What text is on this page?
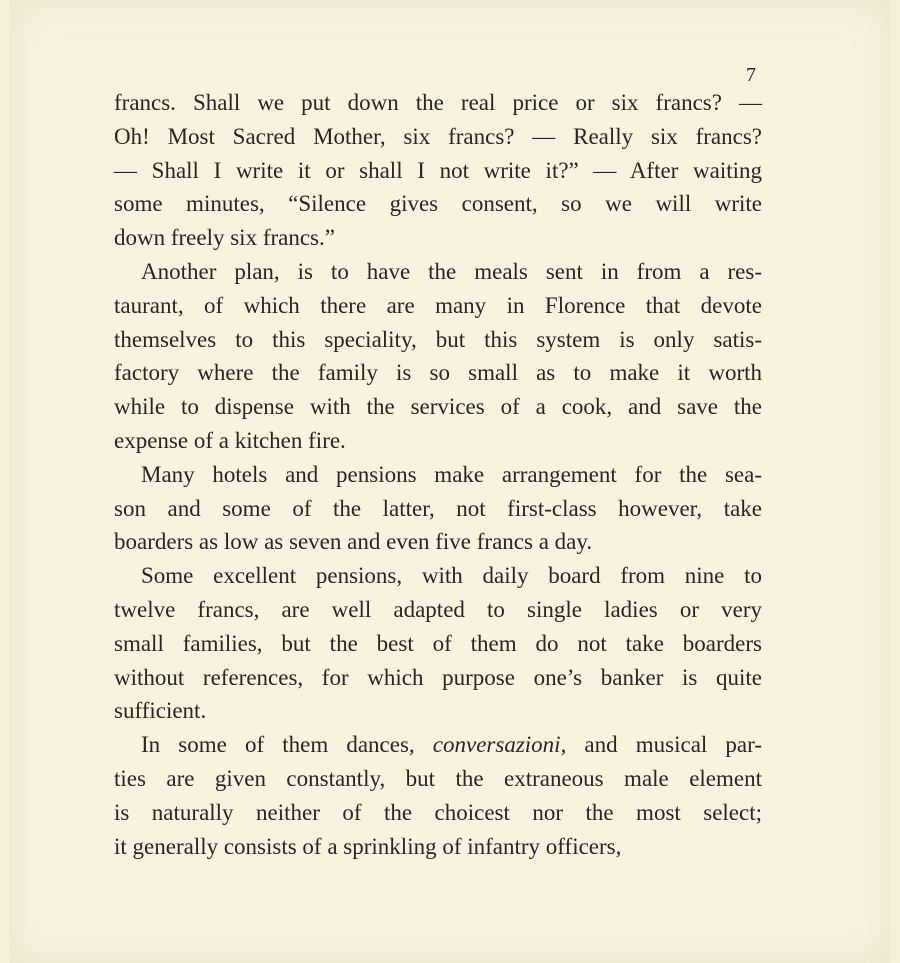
7
francs. Shall we put down the real price or six francs? —
Oh! Most Sacred Mother, six francs? — Really six francs?
— Shall I write it or shall I not write it?” — After waiting
some minutes, “Silence gives consent, so we will write
down freely six francs.”
Another plan, is to have the meals sent in from a res-
taurant, of which there are many in Florence that devote
themselves to this speciality, but this system is only satis-
factory where the family is so small as to make it worth
while to dispense with the services of a cook, and save the
expense of a kitchen fire.
Many hotels and pensions make arrangement for the sea-
son and some of the latter, not first-class however, take
boarders as low as seven and even five francs a day.
Some excellent pensions, with daily board from nine to
twelve francs, are well adapted to single ladies or very
small families, but the best of them do not take boarders
without references, for which purpose one’s banker is quite
sufficient.
In some of them dances, conversazioni, and musical par-
ties are given constantly, but the extraneous male element
is naturally neither of the choicest nor the most select;
it generally consists of a sprinkling of infantry officers,
